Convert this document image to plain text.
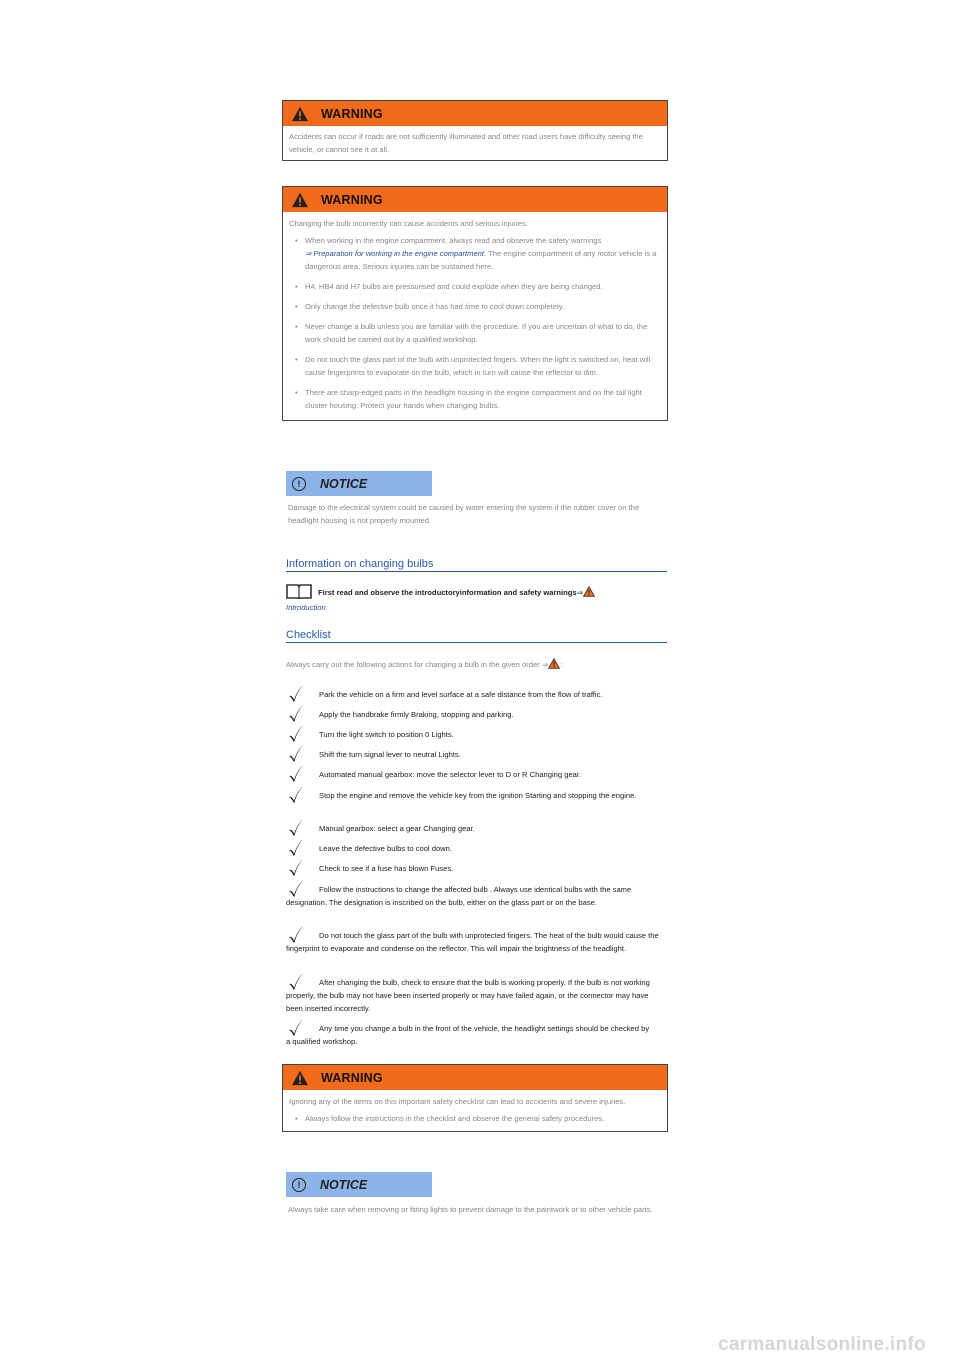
WARNING
Accidents can occur if roads are not sufficiently illuminated and other road users have difficulty seeing the vehicle, or cannot see it at all.
WARNING
Changing the bulb incorrectly can cause accidents and serious injuries.
• When working in the engine compartment, always read and observe the safety warnings
⇒ Preparation for working in the engine compartment. The engine compartment of any motor vehicle is a dangerous area. Serious injuries can be sustained here.
• H4, HB4 and H7 bulbs are pressurised and could explode when they are being changed.
• Only change the defective bulb once it has had time to cool down completely.
• Never change a bulb unless you are familiar with the procedure. If you are uncertain of what to do, the work should be carried out by a qualified workshop.
• Do not touch the glass part of the bulb with unprotected fingers. When the light is switched on, heat will cause fingerprints to evaporate on the bulb, which in turn will cause the reflector to dim.
• There are sharp-edged parts in the headlight housing in the engine compartment and on the tail light cluster housing. Protect your hands when changing bulbs.
!	NOTICE
Damage to the electrical system could be caused by water entering the system if the rubber cover on the headlight housing is not properly mounted.
Information on changing bulbs
First read and observe the introductoryinformation and safety warnings⇒
Introduction
Checklist
Always carry out the following actions for changing a bulb in the given order ⇒ :
Park the vehicle on a firm and level surface at a safe distance from the flow of traffic.
Apply the handbrake firmly Braking, stopping and parking.
Turn the light switch to position 0 Lights.
Shift the turn signal lever to neutral Lights.
Automated manual gearbox: move the selector lever to D or R Changing gear.
Stop the engine and remove the vehicle key from the ignition Starting and stopping the engine.
Manual gearbox: select a gear Changing gear.
Leave the defective bulbs to cool down.
Check to see if a fuse has blown Fuses.
Follow the instructions to change the affected bulb . Always use identical bulbs with the same designation. The designation is inscribed on the bulb, either on the glass part or on the base.
Do not touch the glass part of the bulb with unprotected fingers. The heat of the bulb would cause the fingerprint to evaporate and condense on the reflector. This will impair the brightness of the headlight.
After changing the bulb, check to ensure that the bulb is working properly. If the bulb is not working properly, the bulb may not have been inserted properly or may have failed again, or the connector may have been inserted incorrectly.
Any time you change a bulb in the front of the vehicle, the headlight settings should be checked by a qualified workshop.
WARNING
Ignoring any of the items on this important safety checklist can lead to accidents and severe injuries.
• Always follow the instructions in the checklist and observe the general safety procedures.
!	NOTICE
Always take care when removing or fitting lights to prevent damage to the paintwork or to other vehicle parts.
carmanualsonline.info
